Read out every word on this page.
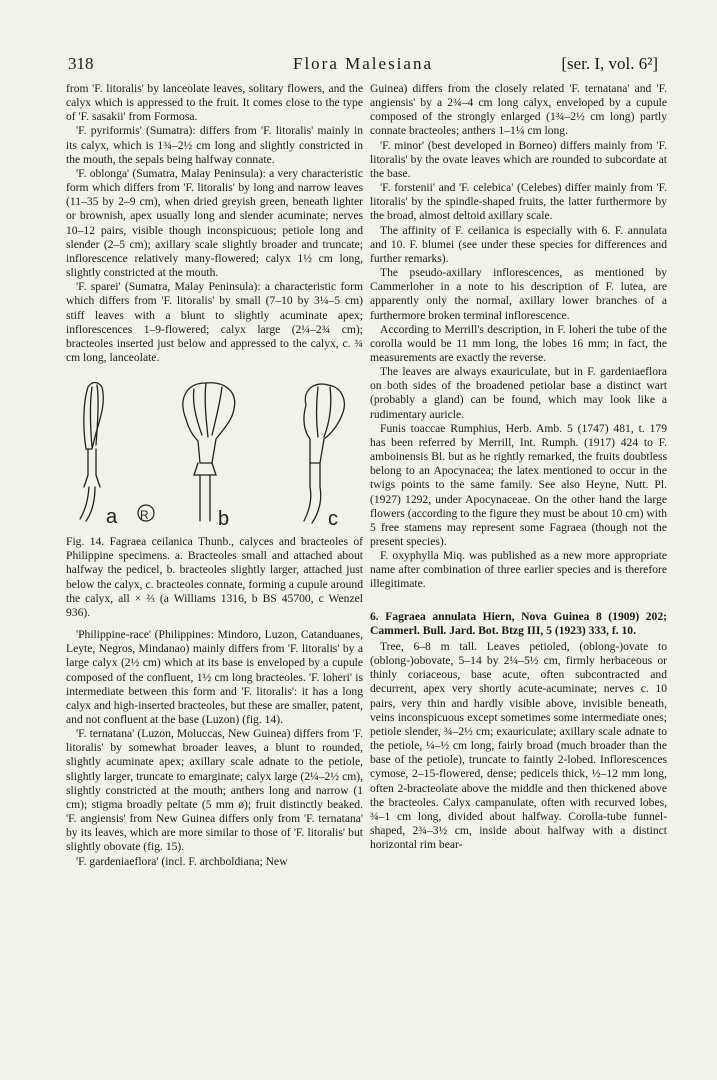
318	Flora Malesiana	[ser. I, vol. 6²]

from 'F. litoralis' by lanceolate leaves, solitary flowers, and the calyx which is appressed to the fruit. It comes close to the type of 'F. sasakii' from Formosa.

'F. pyriformis' (Sumatra): differs from 'F. litoralis' mainly in its calyx, which is 1¾–2½ cm long and slightly constricted in the mouth, the sepals being halfway connate.

'F. oblonga' (Sumatra, Malay Peninsula): a very characteristic form which differs from 'F. litoralis' by long and narrow leaves (11–35 by 2–9 cm), when dried greyish green, beneath lighter or brownish, apex usually long and slender acuminate; nerves 10–12 pairs, visible though inconspicuous; petiole long and slender (2–5 cm); axillary scale slightly broader and truncate; inflorescence relatively many-flowered; calyx 1½ cm long, slightly constricted at the mouth.

'F. sparei' (Sumatra, Malay Peninsula): a characteristic form which differs from 'F. litoralis' by small (7–10 by 3¼–5 cm) stiff leaves with a blunt to slightly acuminate apex; inflorescences 1–9-flowered; calyx large (2¼–2¾ cm); bracteoles inserted just below and appressed to the calyx, c. ¾ cm long, lanceolate.

a R	b	c

Fig. 14. Fagraea ceilanica Thunb., calyces and bracteoles of Philippine specimens. a. Bracteoles small and attached about halfway the pedicel, b. bracteoles slightly larger, attached just below the calyx, c. bracteoles connate, forming a cupule around the calyx, all × ⅔ (a Williams 1316, b BS 45700, c Wenzel 936).

'Philippine-race' (Philippines: Mindoro, Luzon, Catanduanes, Leyte, Negros, Mindanao) mainly differs from 'F. litoralis' by a large calyx (2½ cm) which at its base is enveloped by a cupule composed of the confluent, 1½ cm long bracteoles. 'F. loheri' is intermediate between this form and 'F. litoralis': it has a long calyx and high-inserted bracteoles, but these are smaller, patent, and not confluent at the base (Luzon) (fig. 14).

'F. ternatana' (Luzon, Moluccas, New Guinea) differs from 'F. litoralis' by somewhat broader leaves, a blunt to rounded, slightly acuminate apex; axillary scale adnate to the petiole, slightly larger, truncate to emarginate; calyx large (2¼–2½ cm), slightly constricted at the mouth; anthers long and narrow (1 cm); stigma broadly peltate (5 mm ø); fruit distinctly beaked. 'F. angiensis' from New Guinea differs only from 'F. ternatana' by its leaves, which are more similar to those of 'F. litoralis' but slightly obovate (fig. 15).

'F. gardeniaeflora' (incl. F. archboldiana; New

Guinea) differs from the closely related 'F. ternatana' and 'F. angiensis' by a 2¾–4 cm long calyx, enveloped by a cupule composed of the strongly enlarged (1¾–2½ cm long) partly connate bracteoles; anthers 1–1¼ cm long.

'F. minor' (best developed in Borneo) differs mainly from 'F. litoralis' by the ovate leaves which are rounded to subcordate at the base.

'F. forstenii' and 'F. celebica' (Celebes) differ mainly from 'F. litoralis' by the spindle-shaped fruits, the latter furthermore by the broad, almost deltoid axillary scale.

The affinity of F. ceilanica is especially with 6. F. annulata and 10. F. blumei (see under these species for differences and further remarks).

The pseudo-axillary inflorescences, as mentioned by Cammerloher in a note to his description of F. lutea, are apparently only the normal, axillary lower branches of a furthermore broken terminal inflorescence.

According to Merrill's description, in F. loheri the tube of the corolla would be 11 mm long, the lobes 16 mm; in fact, the measurements are exactly the reverse.

The leaves are always exauriculate, but in F. gardeniaeflora on both sides of the broadened petiolar base a distinct wart (probably a gland) can be found, which may look like a rudimentary auricle.

Funis toaccae Rumphius, Herb. Amb. 5 (1747) 481, t. 179 has been referred by Merrill, Int. Rumph. (1917) 424 to F. amboinensis Bl. but as he rightly remarked, the fruits doubtless belong to an Apocynacea; the latex mentioned to occur in the twigs points to the same family. See also Heyne, Nutt. Pl. (1927) 1292, under Apocynaceae. On the other hand the large flowers (according to the figure they must be about 10 cm) with 5 free stamens may represent some Fagraea (though not the present species).

F. oxyphylla Miq. was published as a new more appropriate name after combination of three earlier species and is therefore illegitimate.

6. Fagraea annulata Hiern, Nova Guinea 8 (1909) 202; Cammerl. Bull. Jard. Bot. Btzg III, 5 (1923) 333, f. 10.

Tree, 6–8 m tall. Leaves petioled, (oblong-)ovate to (oblong-)obovate, 5–14 by 2¼–5½ cm, firmly herbaceous or thinly coriaceous, base acute, often subcontracted and decurrent, apex very shortly acute-acuminate; nerves c. 10 pairs, very thin and hardly visible above, invisible beneath, veins inconspicuous except sometimes some intermediate ones; petiole slender, ¾–2½ cm; exauriculate; axillary scale adnate to the petiole, ¼–½ cm long, fairly broad (much broader than the base of the petiole), truncate to faintly 2-lobed. Inflorescences cymose, 2–15-flowered, dense; pedicels thick, ½–12 mm long, often 2-bracteolate above the middle and then thickened above the bracteoles. Calyx campanulate, often with recurved lobes, ¾–1 cm long, divided about halfway. Corolla-tube funnel-shaped, 2¾–3½ cm, inside about halfway with a distinct horizontal rim bear-
